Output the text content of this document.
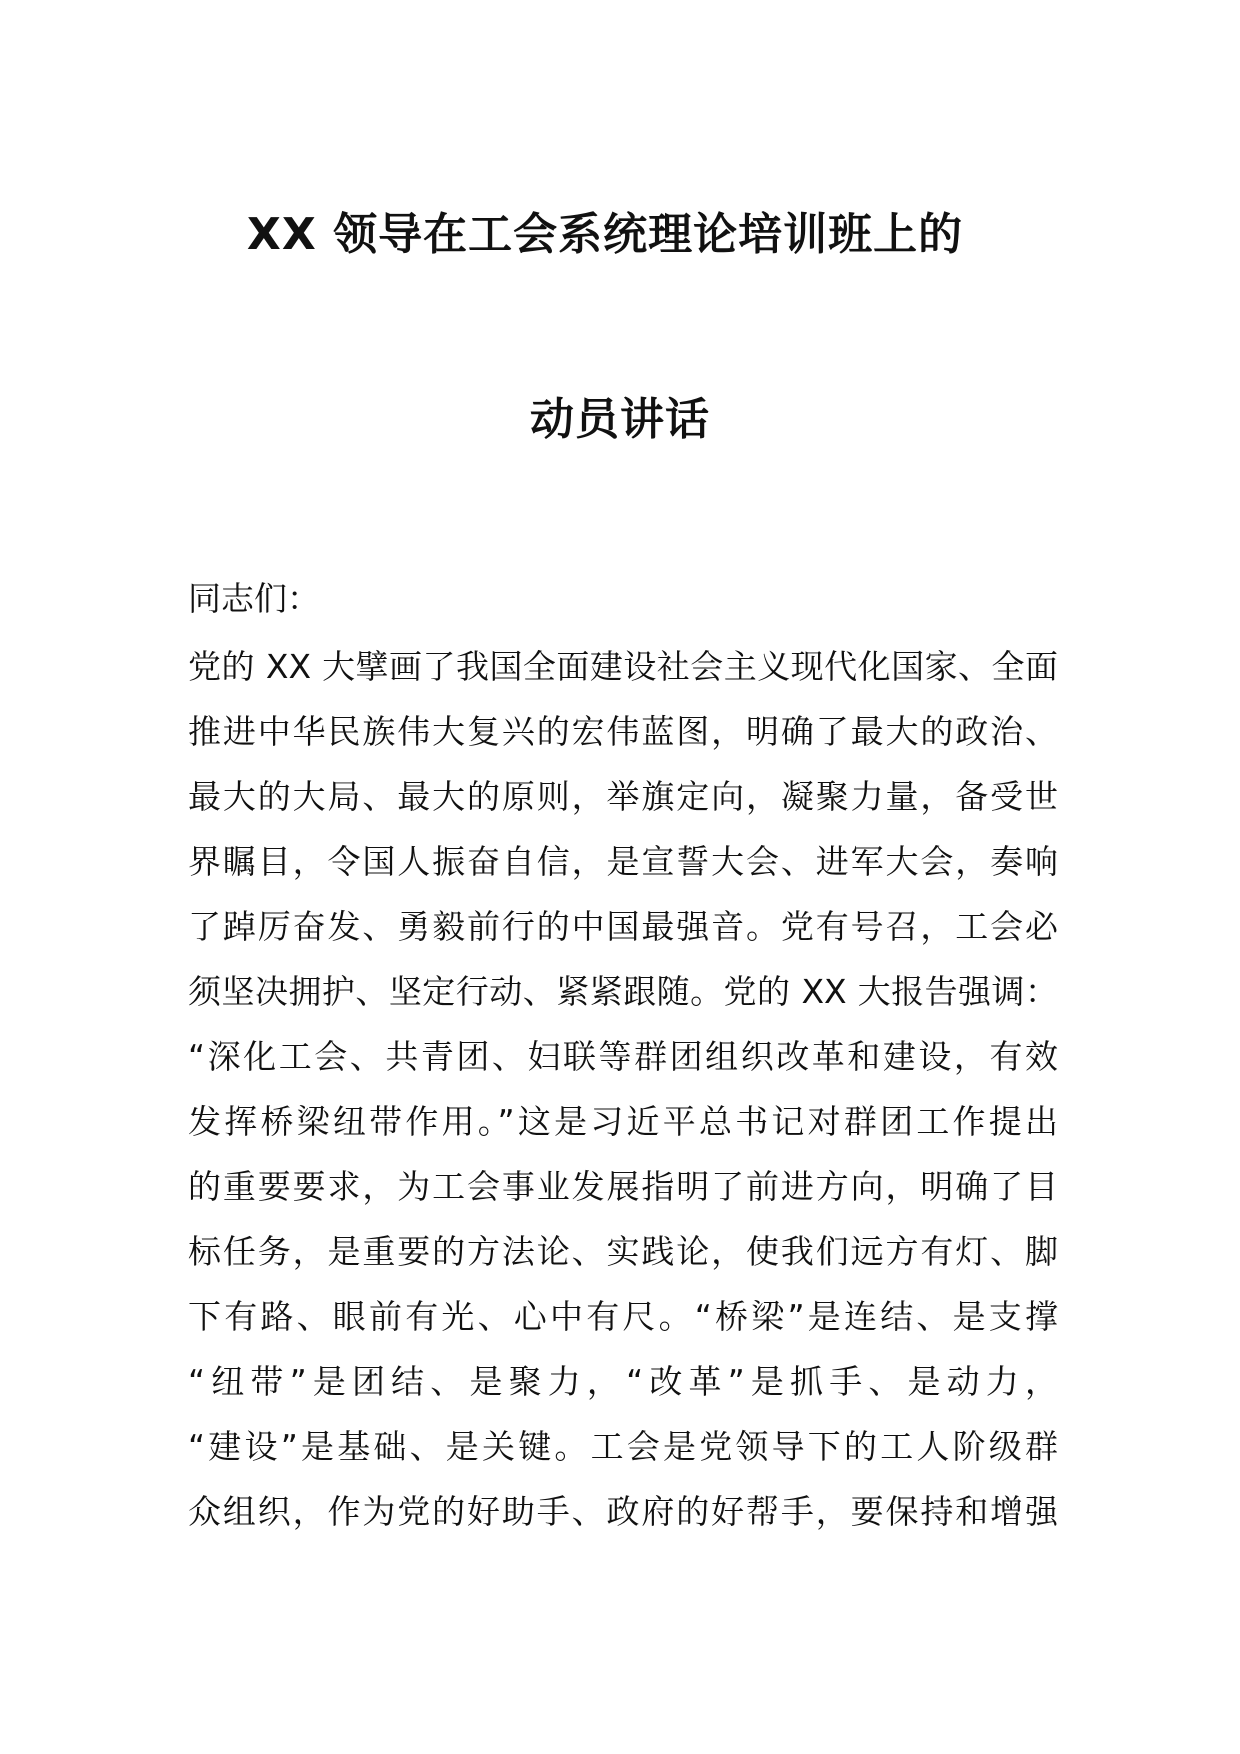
XX 领导在工会系统理论培训班上的
动员讲话
同志们：
党的 XX 大擘画了我国全面建设社会主义现代化国家、全面
推进中华民族伟大复兴的宏伟蓝图，明确了最大的政治、
最大的大局、最大的原则，举旗定向，凝聚力量，备受世
界瞩目，令国人振奋自信，是宣誓大会、进军大会，奏响
了踔厉奋发、勇毅前行的中国最强音。党有号召，工会必
须坚决拥护、坚定行动、紧紧跟随。党的 XX 大报告强调：
“深化工会、共青团、妇联等群团组织改革和建设，有效
发挥桥梁纽带作用。”这是习近平总书记对群团工作提出
的重要要求，为工会事业发展指明了前进方向，明确了目
标任务，是重要的方法论、实践论，使我们远方有灯、脚
下有路、眼前有光、心中有尺。“桥梁”是连结、是支撑
“纽带”是团结、是聚力，“改革”是抓手、是动力，
“建设”是基础、是关键。工会是党领导下的工人阶级群
众组织，作为党的好助手、政府的好帮手，要保持和增强
